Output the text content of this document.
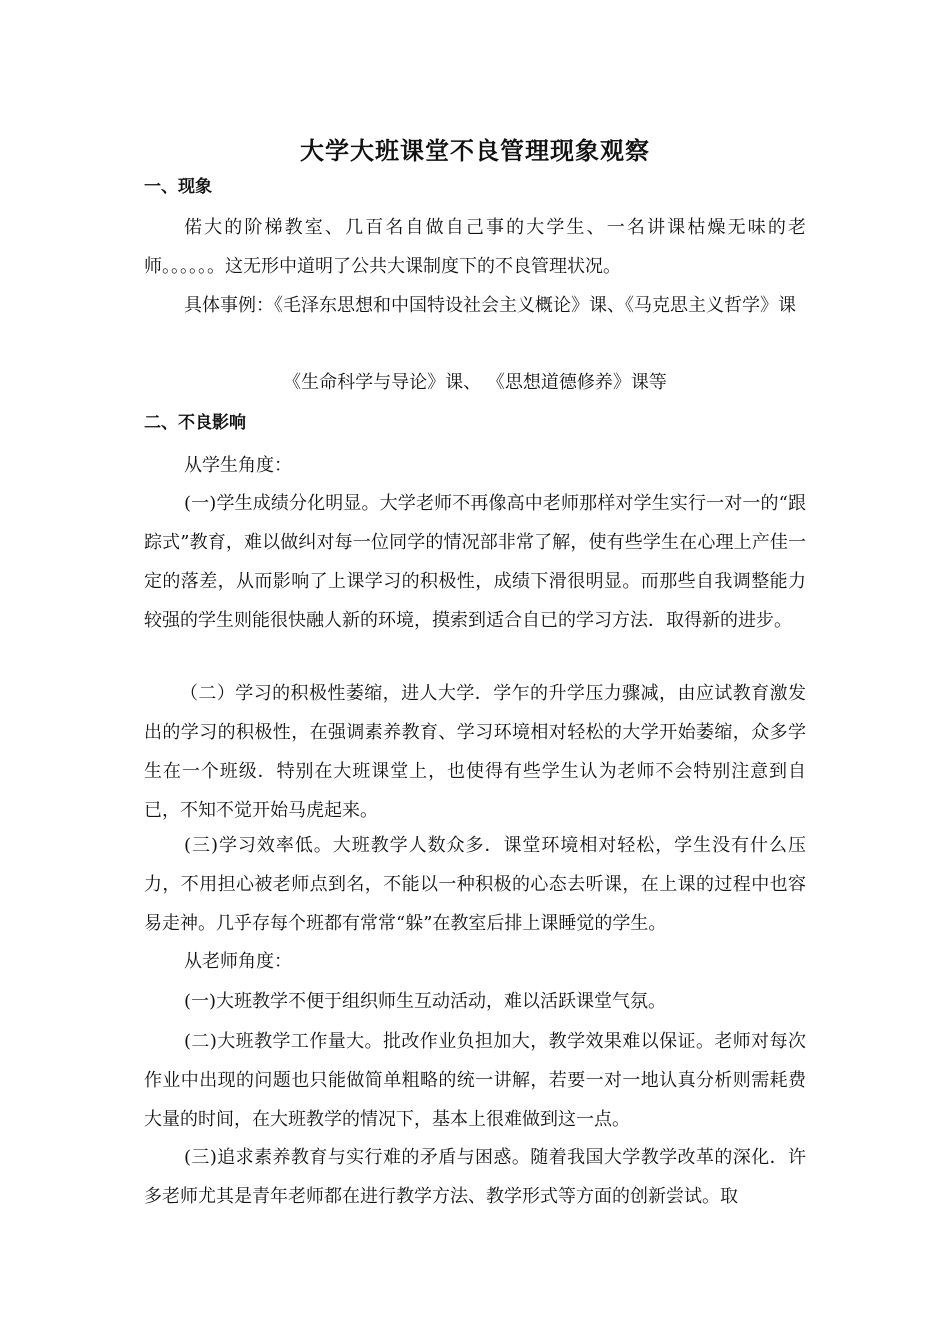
大学大班课堂不良管理现象观察
一、现象

偌大的阶梯教室、几百名自做自己事的大学生、一名讲课枯燥无味的老师。。。。。。这无形中道明了公共大课制度下的不良管理状况。

具体事例：《毛泽东思想和中国特设社会主义概论》课、《马克思主义哲学》课

《生命科学与导论》课、 《思想道德修养》课等

二、不良影响

从学生角度：

(一)学生成绩分化明显。大学老师不再像高中老师那样对学生实行一对一的“跟踪式”教育，难以做纠对每一位同学的情况部非常了解，使有些学生在心理上产佳一定的落差，从而影响了上课学习的积极性，成绩下滑很明显。而那些自我调整能力较强的学生则能很快融人新的环境，摸索到适合自已的学习方法．取得新的进步。

（二）学习的积极性萎缩，进人大学．学乍的升学压力骤减，由应试教育激发出的学习的积极性，在强调素养教育、学习环境相对轻松的大学开始萎缩，众多学生在一个班级．特别在大班课堂上，也使得有些学生认为老师不会特别注意到自已，不知不觉开始马虎起来。

(三)学习效率低。大班教学人数众多．课堂环境相对轻松，学生没有什么压力，不用担心被老师点到名，不能以一种积极的心态去听课，在上课的过程中也容易走神。几乎存每个班都有常常“躲”在教室后排上课睡觉的学生。

从老师角度：

(一)大班教学不便于组织师生互动活动，难以活跃课堂气氛。

(二)大班教学工作量大。批改作业负担加大，教学效果难以保证。老师对每次作业中出现的问题也只能做简单粗略的统一讲解，若要一对一地认真分析则需耗费大量的时间，在大班教学的情况下，基本上很难做到这一点。

(三)追求素养教育与实行难的矛盾与困惑。随着我国大学教学改革的深化．许多老师尤其是青年老师都在进行教学方法、教学形式等方面的创新尝试。取
